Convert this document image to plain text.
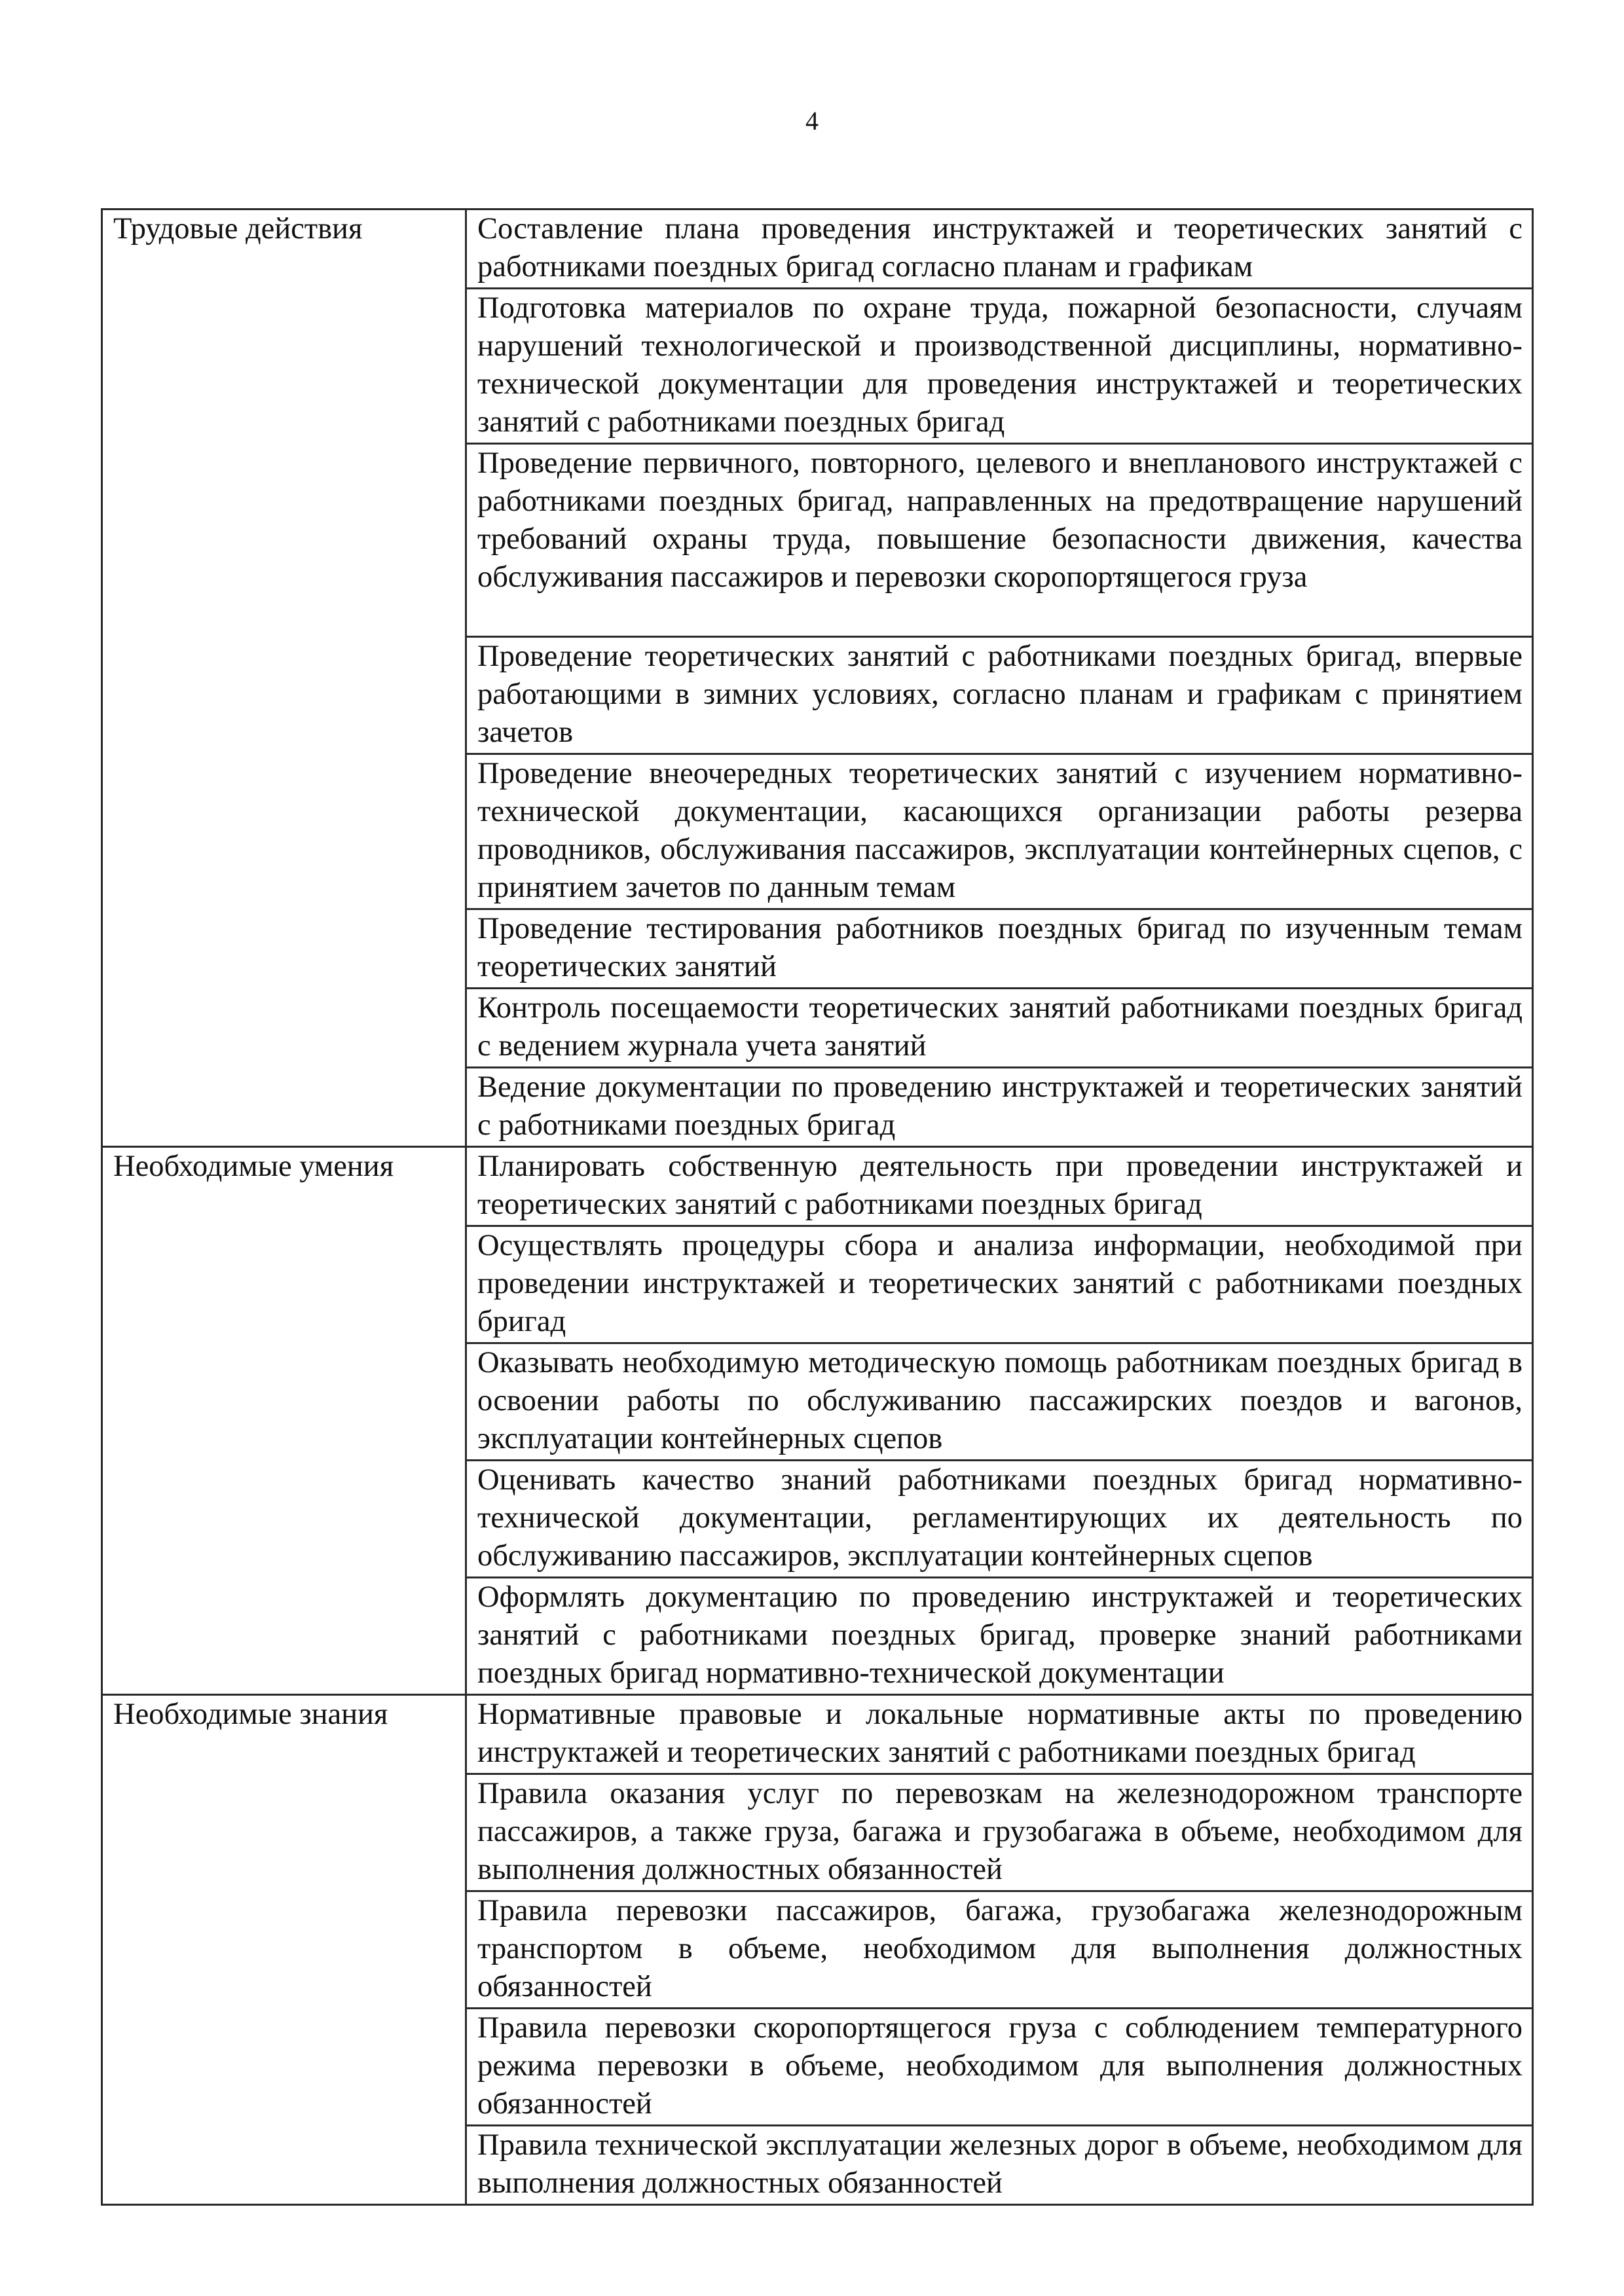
4
Трудовые действия	Составление плана проведения инструктажей и теоретических занятий с работниками поездных бригад согласно планам и графикам
	Подготовка материалов по охране труда, пожарной безопасности, случаям нарушений технологической и производственной дисциплины, нормативно-технической документации для проведения инструктажей и теоретических занятий с работниками поездных бригад
	Проведение первичного, повторного, целевого и внепланового инструктажей с работниками поездных бригад, направленных на предотвращение нарушений требований охраны труда, повышение безопасности движения, качества обслуживания пассажиров и перевозки скоропортящегося груза
	Проведение теоретических занятий с работниками поездных бригад, впервые работающими в зимних условиях, согласно планам и графикам с принятием зачетов
	Проведение внеочередных теоретических занятий с изучением нормативно-технической документации, касающихся организации работы резерва проводников, обслуживания пассажиров, эксплуатации контейнерных сцепов, с принятием зачетов по данным темам
	Проведение тестирования работников поездных бригад по изученным темам теоретических занятий
	Контроль посещаемости теоретических занятий работниками поездных бригад с ведением журнала учета занятий
	Ведение документации по проведению инструктажей и теоретических занятий с работниками поездных бригад
Необходимые умения	Планировать собственную деятельность при проведении инструктажей и теоретических занятий с работниками поездных бригад
	Осуществлять процедуры сбора и анализа информации, необходимой при проведении инструктажей и теоретических занятий с работниками поездных бригад
	Оказывать необходимую методическую помощь работникам поездных бригад в освоении работы по обслуживанию пассажирских поездов и вагонов, эксплуатации контейнерных сцепов
	Оценивать качество знаний работниками поездных бригад нормативно-технической документации, регламентирующих их деятельность по обслуживанию пассажиров, эксплуатации контейнерных сцепов
	Оформлять документацию по проведению инструктажей и теоретических занятий с работниками поездных бригад, проверке знаний работниками поездных бригад нормативно-технической документации
Необходимые знания	Нормативные правовые и локальные нормативные акты по проведению инструктажей и теоретических занятий с работниками поездных бригад
	Правила оказания услуг по перевозкам на железнодорожном транспорте пассажиров, а также груза, багажа и грузобагажа в объеме, необходимом для выполнения должностных обязанностей
	Правила перевозки пассажиров, багажа, грузобагажа железнодорожным транспортом в объеме, необходимом для выполнения должностных обязанностей
	Правила перевозки скоропортящегося груза с соблюдением температурного режима перевозки в объеме, необходимом для выполнения должностных обязанностей
	Правила технической эксплуатации железных дорог в объеме, необходимом для выполнения должностных обязанностей
